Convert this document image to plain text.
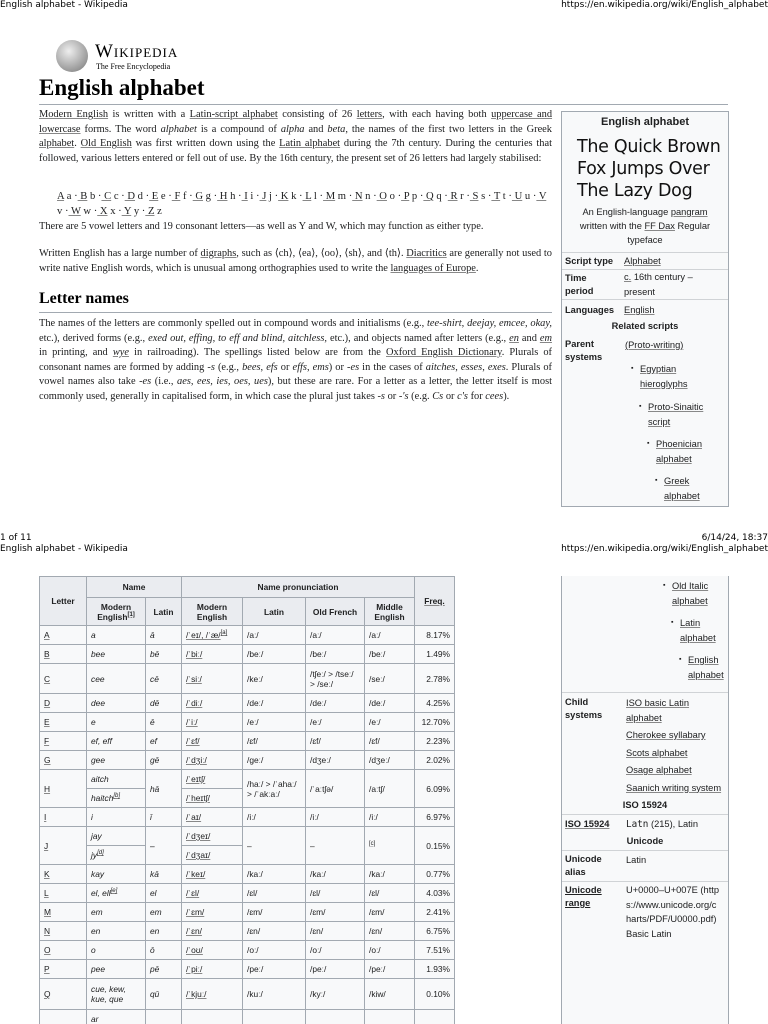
English alphabet - Wikipedia	https://en.wikipedia.org/wiki/English_alphabet
Wikipedia
The Free Encyclopedia
English alphabet
Modern English is written with a Latin-script alphabet consisting of 26 letters, with each having both uppercase and lowercase forms. The word alphabet is a compound of alpha and beta, the names of the first two letters in the Greek alphabet. Old English was first written down using the Latin alphabet during the 7th century. During the centuries that followed, various letters entered or fell out of use. By the 16th century, the present set of 26 letters had largely stabilised:
A a · B b · C c · D d · E e · F f · G g · H h · I i · J j · K k · L l · M m · N n · O o · P p · Q q · R r · S s · T t · U u · V v · W w · X x · Y y · Z z
There are 5 vowel letters and 19 consonant letters—as well as Y and W, which may function as either type.
Written English has a large number of digraphs, such as ⟨ch⟩, ⟨ea⟩, ⟨oo⟩, ⟨sh⟩, and ⟨th⟩. Diacritics are generally not used to write native English words, which is unusual among orthographies used to write the languages of Europe.
Letter names
The names of the letters are commonly spelled out in compound words and initialisms (e.g., tee-shirt, deejay, emcee, okay, etc.), derived forms (e.g., exed out, effing, to eff and blind, aitchless, etc.), and objects named after letters (e.g., en and em in printing, and wye in railroading). The spellings listed below are from the Oxford English Dictionary. Plurals of consonant names are formed by adding -s (e.g., bees, efs or effs, ems) or -es in the cases of aitches, esses, exes. Plurals of vowel names also take -es (i.e., aes, ees, ies, oes, ues), but these are rare. For a letter as a letter, the letter itself is most commonly used, generally in capitalised form, in which case the plural just takes -s or -'s (e.g. Cs or c's for cees).
English alphabet
The Quick Brown
Fox Jumps Over
The Lazy Dog
An English-language pangram written with the FF Dax Regular typeface
Script type Alphabet
Time period
c. 16th century – present
Languages English
Related scripts
Parent systems
(Proto-writing)
▪ Egyptian hieroglyphs
▪ Proto-Sinaitic script
▪ Phoenician alphabet
▪ Greek alphabet
1 of 11	6/14/24, 18:37
English alphabet - Wikipedia	https://en.wikipedia.org/wiki/English_alphabet
▪ Old Italic alphabet
▪ Latin alphabet
▪ English alphabet
Child systems
ISO basic Latin alphabet
Cherokee syllabary
Scots alphabet
Osage alphabet
Saanich writing system
ISO 15924
ISO 15924 Latn (215), Latin
Unicode
Unicode alias
Latin
Unicode range
U+0000–U+007E (http
s://www.unicode.org/c
harts/PDF/U0000.pdf)
Basic Latin
Letter	Name		Name pronunciation				Freq.
	Modern English[1]	Latin	Modern English	Latin	Old French	Middle English	
A	a	ā	/ˈeɪ/, /ˈæ/[a]	/aː/	/aː/	/aː/	8.17%
B	bee	bē	/ˈbiː/	/beː/	/beː/	/beː/	1.49%
C	cee	cē	/ˈsiː/	/keː/	/tʃeː/ > /tseː/ > /seː/	/seː/	2.78%
D	dee	dē	/ˈdiː/	/deː/	/deː/	/deː/	4.25%
E	e	ē	/ˈiː/	/eː/	/eː/	/eː/	12.70%
F	ef, eff	ef	/ˈɛf/	/ɛf/	/ɛf/	/ɛf/	2.23%
G	gee	gē	/ˈdʒiː/	/geː/	/dʒeː/	/dʒeː/	2.02%
H	aitch	hā	/ˈeɪtʃ/	/haː/ > /ˈahaː/ > /ˈakːaː/	/ˈaːtʃə/	/aːtʃ/	6.09%
	haitch[b]		/ˈheɪtʃ/				
I	i	ī	/ˈaɪ/	/iː/	/iː/	/iː/	6.97%
J	jay	–	/ˈdʒeɪ/	–	–	[c]	0.15%
	jy[d]		/ˈdʒaɪ/				
K	kay	kā	/ˈkeɪ/	/kaː/	/kaː/	/kaː/	0.77%
L	el, ell[e]	el	/ˈɛl/	/ɛl/	/ɛl/	/ɛl/	4.03%
M	em	em	/ˈɛm/	/ɛm/	/ɛm/	/ɛm/	2.41%
N	en	en	/ˈɛn/	/ɛn/	/ɛn/	/ɛn/	6.75%
O	o	ō	/ˈoʊ/	/oː/	/oː/	/oː/	7.51%
P	pee	pē	/ˈpiː/	/peː/	/peː/	/peː/	1.93%
Q	cue, kew, kue, que	qū	/ˈkjuː/	/kuː/	/kyː/	/kiw/	0.10%
	ar						
